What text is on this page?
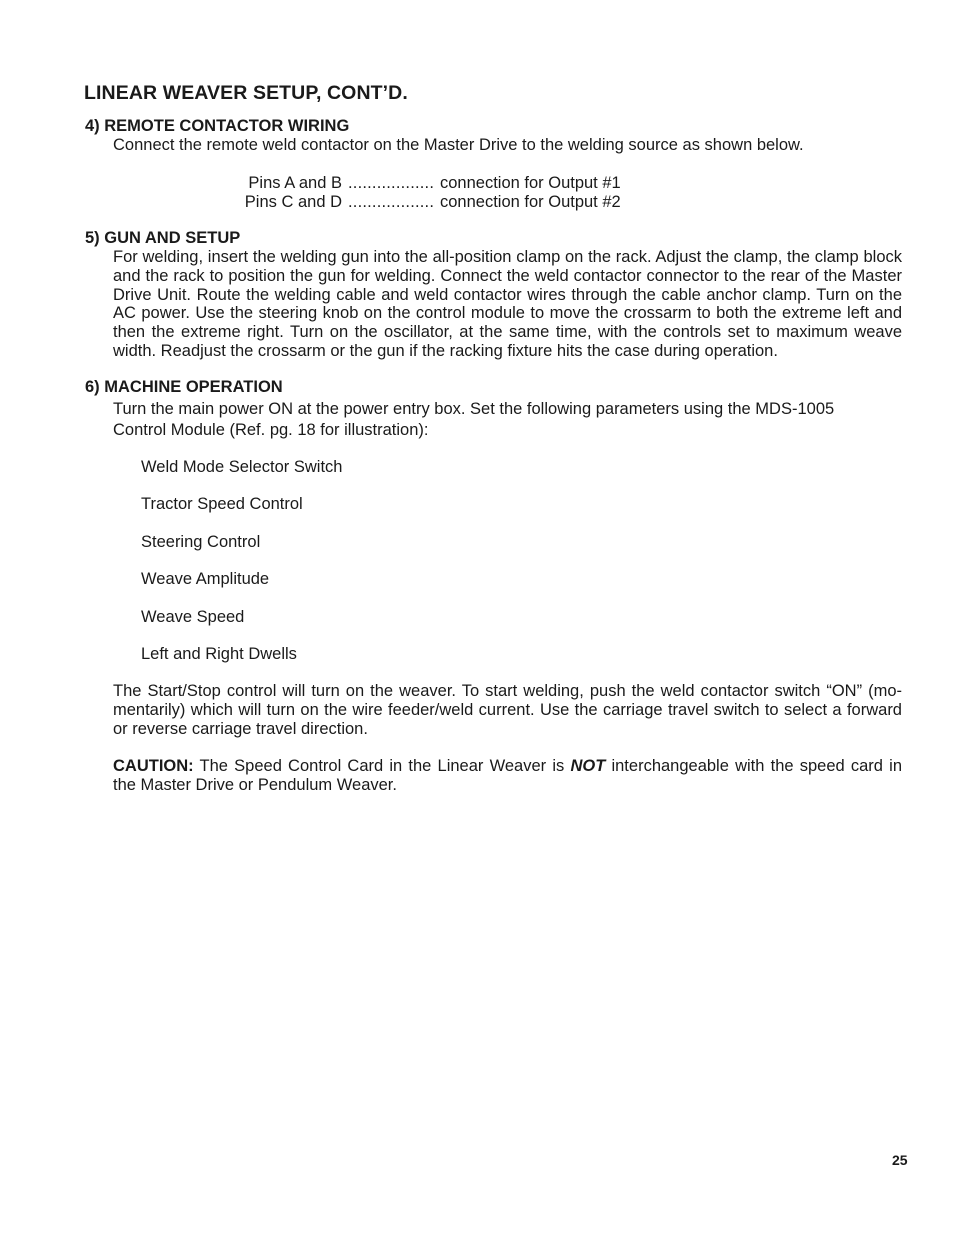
LINEAR WEAVER SETUP, CONT’D.
4) REMOTE CONTACTOR WIRING
Connect the remote weld contactor on the Master Drive to the welding source as shown below.
Pins A and B .................. connection for Output #1
Pins C and D .................. connection for Output #2
5) GUN AND SETUP
For welding, insert the welding gun into the all-position clamp on the rack. Adjust the clamp, the clamp block and the rack to position the gun for welding. Connect the weld contactor connector to the rear of the Master Drive Unit. Route the welding cable and weld contactor wires through the cable anchor clamp. Turn on the AC power. Use the steering knob on the control module to move the crossarm to both the extreme left and then the extreme right. Turn on the oscillator, at the same time, with the controls set to maximum weave width. Readjust the crossarm or the gun if the racking fixture hits the case during operation.
6) MACHINE OPERATION
Turn the main power ON at the power entry box. Set the following parameters using the MDS-1005
Control Module (Ref. pg. 18 for illustration):
Weld Mode Selector Switch
Tractor Speed Control
Steering Control
Weave Amplitude
Weave Speed
Left and Right Dwells
The Start/Stop control will turn on the weaver. To start welding, push the weld contactor switch “ON” (mo-mentarily) which will turn on the wire feeder/weld current. Use the carriage travel switch to select a forward or reverse carriage travel direction.
CAUTION: The Speed Control Card in the Linear Weaver is NOT interchangeable with the speed card in the Master Drive or Pendulum Weaver.
25
